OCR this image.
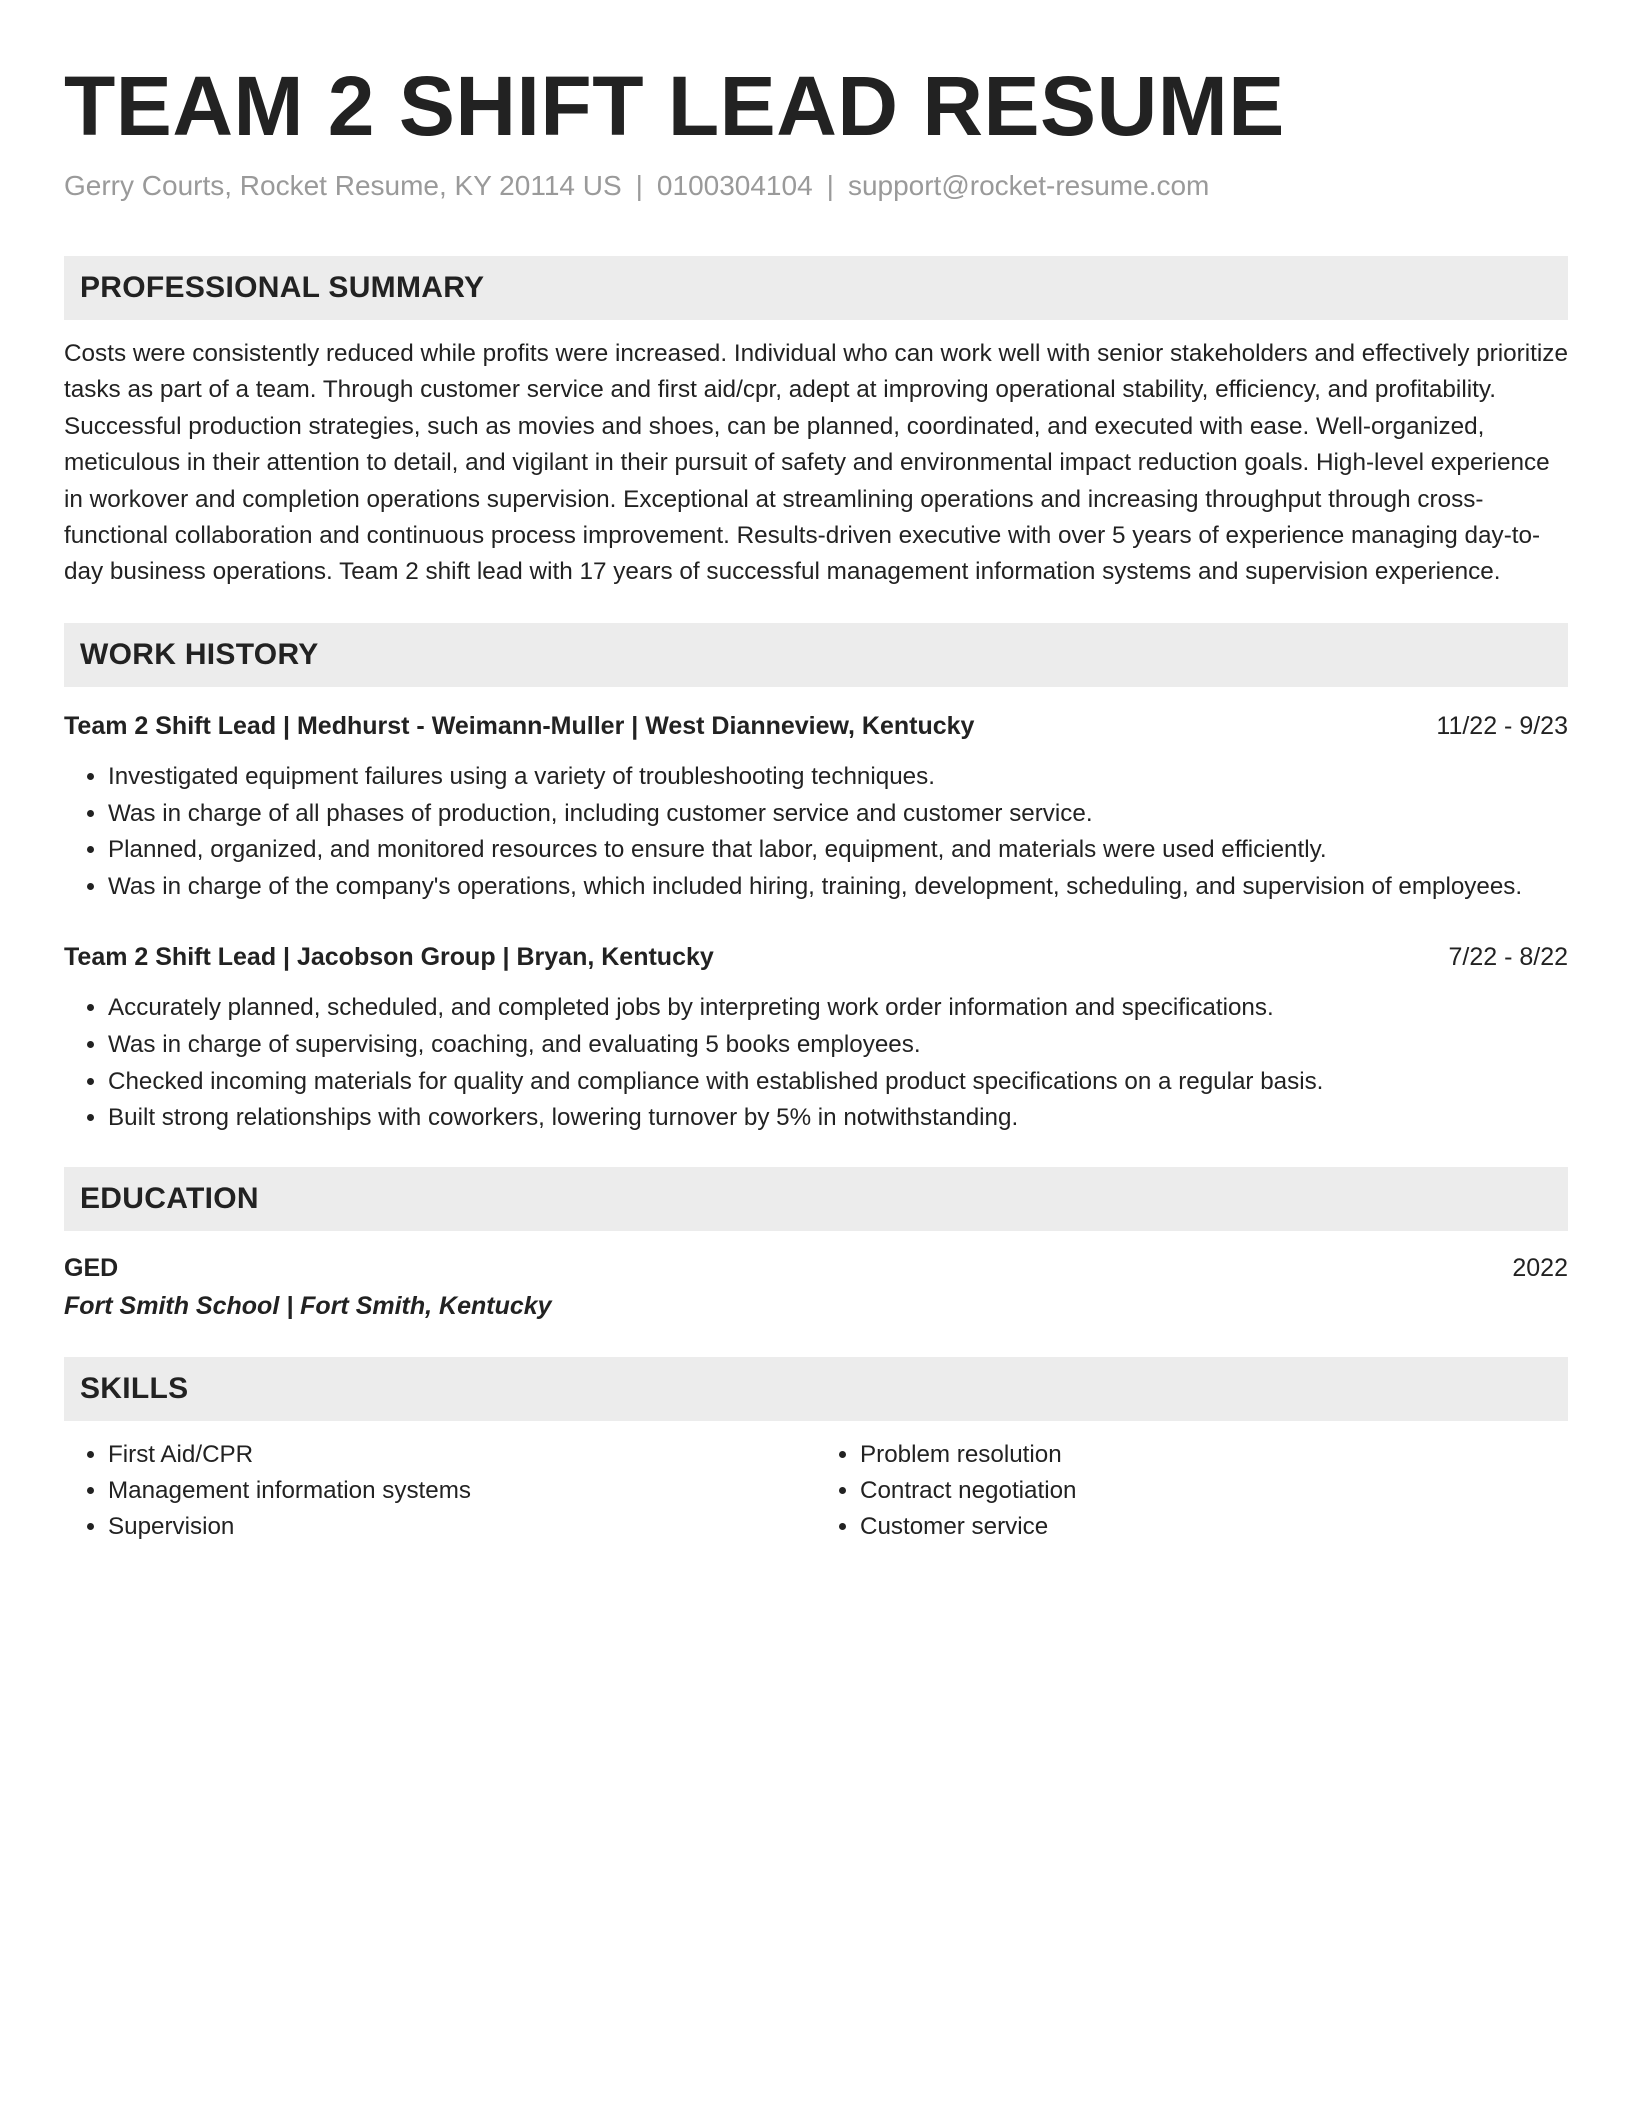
TEAM 2 SHIFT LEAD RESUME
Gerry Courts, Rocket Resume, KY 20114 US | 0100304104 | support@rocket-resume.com
PROFESSIONAL SUMMARY

Costs were consistently reduced while profits were increased. Individual who can work well with senior stakeholders and effectively prioritize tasks as part of a team. Through customer service and first aid/cpr, adept at improving operational stability, efficiency, and profitability. Successful production strategies, such as movies and shoes, can be planned, coordinated, and executed with ease. Well-organized, meticulous in their attention to detail, and vigilant in their pursuit of safety and environmental impact reduction goals. High-level experience in workover and completion operations supervision. Exceptional at streamlining operations and increasing throughput through cross-functional collaboration and continuous process improvement. Results-driven executive with over 5 years of experience managing day-to-day business operations. Team 2 shift lead with 17 years of successful management information systems and supervision experience.

WORK HISTORY
Team 2 Shift Lead | Medhurst - Weimann-Muller | West Dianneview, Kentucky	11/22 - 9/23
• Investigated equipment failures using a variety of troubleshooting techniques.
• Was in charge of all phases of production, including customer service and customer service.
• Planned, organized, and monitored resources to ensure that labor, equipment, and materials were used efficiently.
• Was in charge of the company's operations, which included hiring, training, development, scheduling, and supervision of employees.
Team 2 Shift Lead | Jacobson Group | Bryan, Kentucky	7/22 - 8/22
• Accurately planned, scheduled, and completed jobs by interpreting work order information and specifications.
• Was in charge of supervising, coaching, and evaluating 5 books employees.
• Checked incoming materials for quality and compliance with established product specifications on a regular basis.
• Built strong relationships with coworkers, lowering turnover by 5% in notwithstanding.
EDUCATION
GED	2022
Fort Smith School | Fort Smith, Kentucky
SKILLS
• First Aid/CPR
• Management information systems
• Supervision
• Problem resolution
• Contract negotiation
• Customer service
